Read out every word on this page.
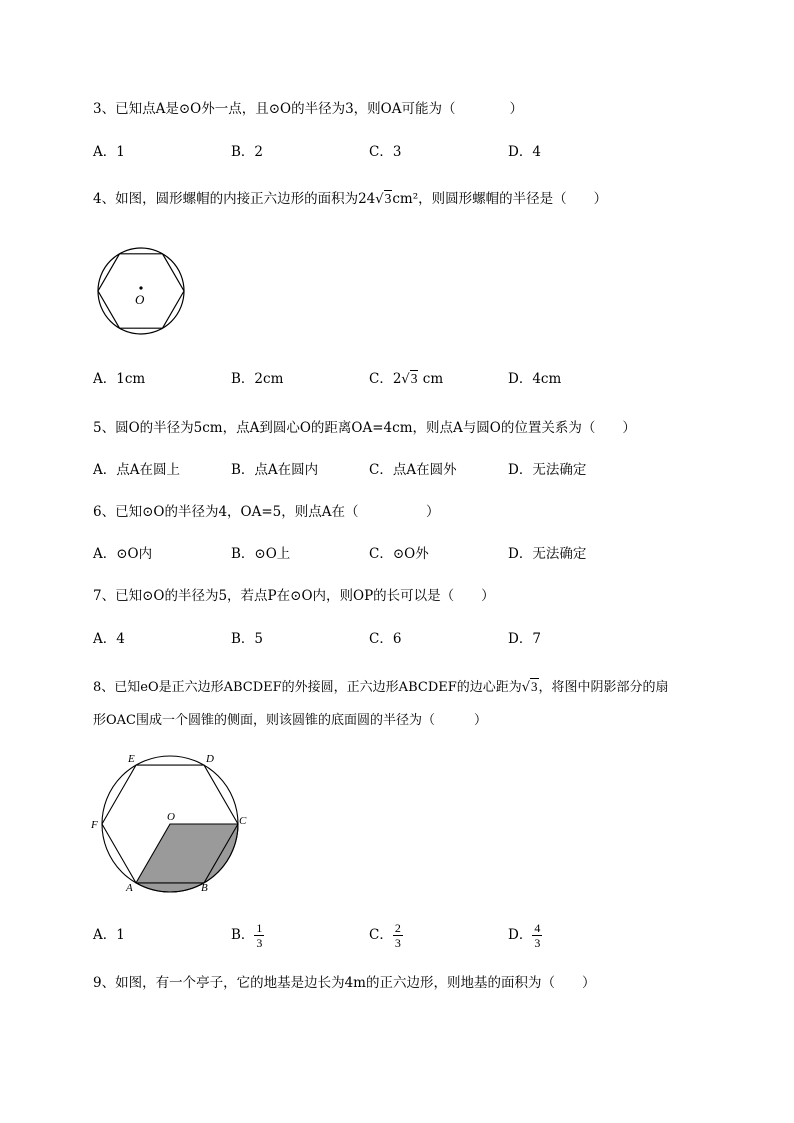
3、已知点A是⊙O外一点，且⊙O的半径为3，则OA可能为（　　　　）
A．1	B．2	C．3	D．4
4、如图，圆形螺帽的内接正六边形的面积为24√3cm²，则圆形螺帽的半径是（　　）
O
A．1cm	B．2cm	C．2√3 cm	D．4cm
5、圆O的半径为5cm，点A到圆心O的距离OA=4cm，则点A与圆O的位置关系为（　　）
A．点A在圆上	B．点A在圆内	C．点A在圆外	D．无法确定
6、已知⊙O的半径为4，OA=5，则点A在（　　　　　）
A．⊙O内	B．⊙O上	C．⊙O外	D．无法确定
7、已知⊙O的半径为5，若点P在⊙O内，则OP的长可以是（　　）
A．4	B．5	C．6	D．7
8、已知eO是正六边形ABCDEF的外接圆，正六边形ABCDEF的边心距为√3，将图中阴影部分的扇
形OAC围成一个圆锥的侧面，则该圆锥的底面圆的半径为（　　　）
E	D
F
O	C
A	B
A．1	B． $\frac{1}{3}$	C． $\frac{2}{3}$	D． $\frac{4}{3}$
9、如图，有一个亭子，它的地基是边长为4m的正六边形，则地基的面积为（　　）
